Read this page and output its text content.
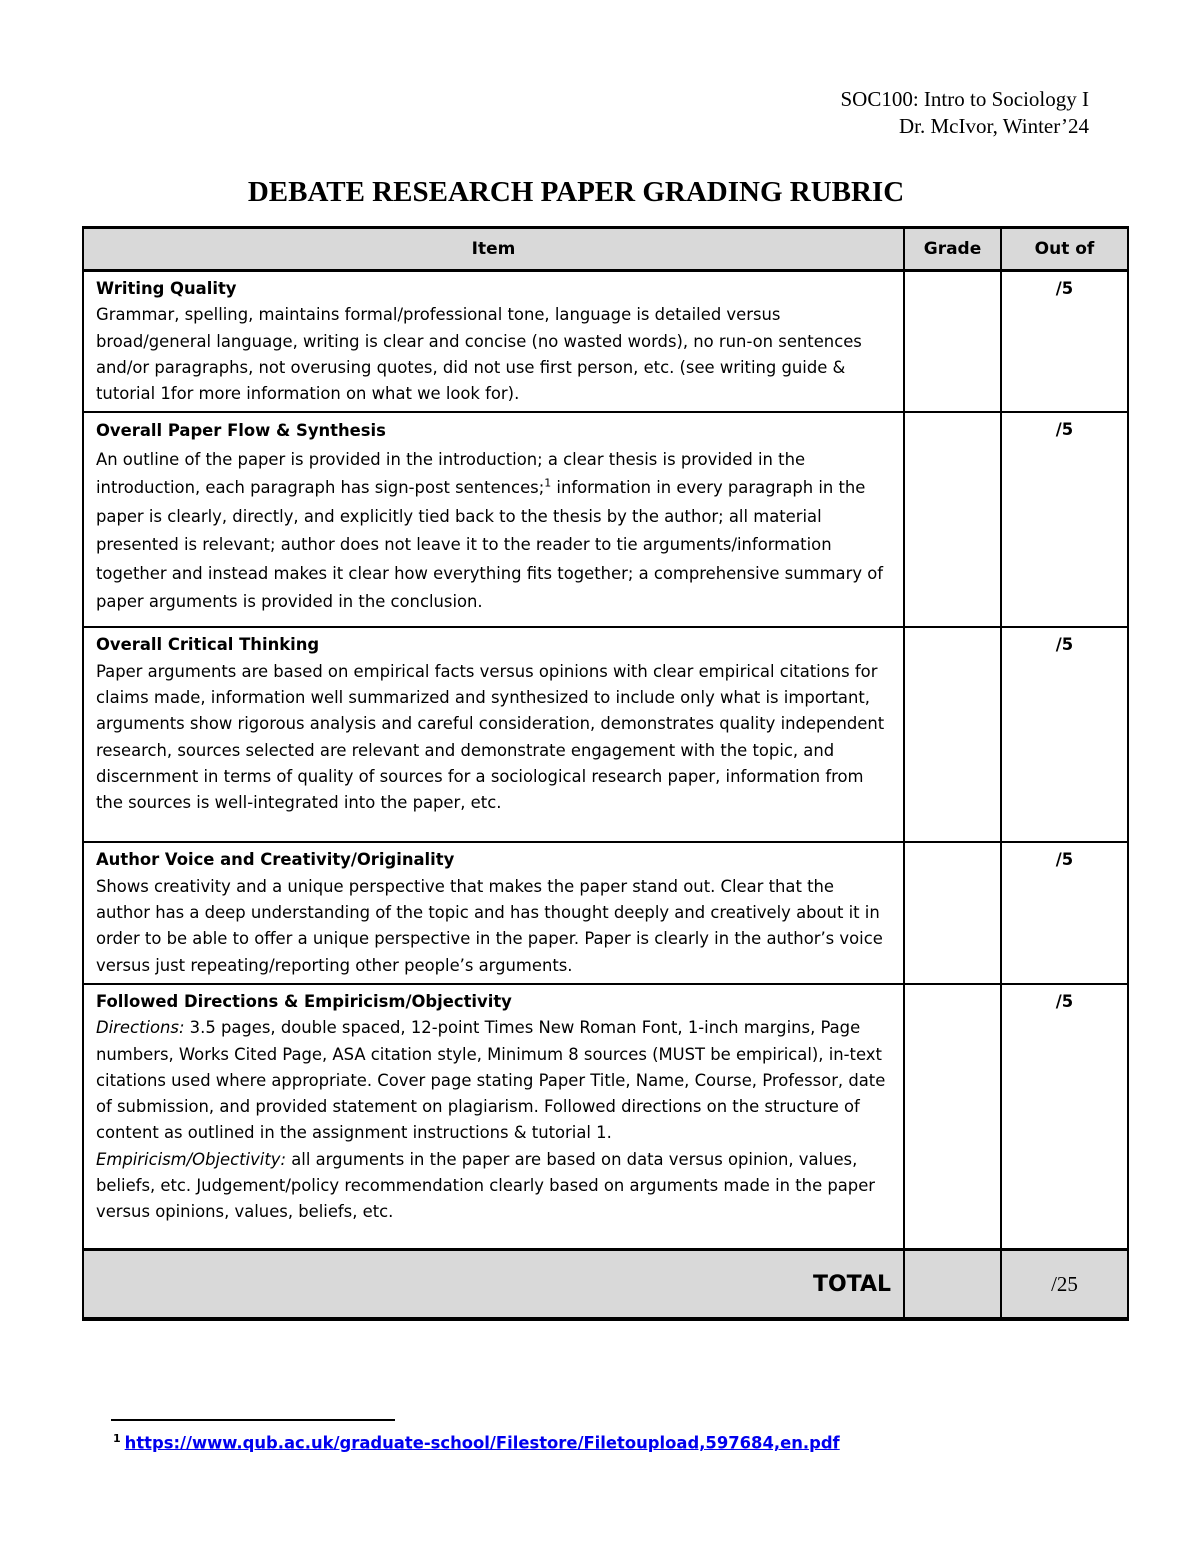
SOC100: Intro to Sociology I
Dr. McIvor, Winter’24
DEBATE RESEARCH PAPER GRADING RUBRIC
Item	Grade	Out of

Writing Quality
Grammar, spelling, maintains formal/professional tone, language is detailed versus broad/general language, writing is clear and concise (no wasted words), no run-on sentences and/or paragraphs, not overusing quotes, did not use first person, etc. (see writing guide & tutorial 1for more information on what we look for).		/5

Overall Paper Flow & Synthesis
An outline of the paper is provided in the introduction; a clear thesis is provided in the introduction, each paragraph has sign-post sentences;$^1$ information in every paragraph in the paper is clearly, directly, and explicitly tied back to the thesis by the author; all material presented is relevant; author does not leave it to the reader to tie arguments/information together and instead makes it clear how everything fits together; a comprehensive summary of paper arguments is provided in the conclusion.		/5

Overall Critical Thinking
Paper arguments are based on empirical facts versus opinions with clear empirical citations for claims made, information well summarized and synthesized to include only what is important, arguments show rigorous analysis and careful consideration, demonstrates quality independent research, sources selected are relevant and demonstrate engagement with the topic, and discernment in terms of quality of sources for a sociological research paper, information from the sources is well-integrated into the paper, etc.		/5

Author Voice and Creativity/Originality
Shows creativity and a unique perspective that makes the paper stand out. Clear that the author has a deep understanding of the topic and has thought deeply and creatively about it in order to be able to offer a unique perspective in the paper. Paper is clearly in the author’s voice versus just repeating/reporting other people’s arguments.		/5

Followed Directions & Empiricism/Objectivity
Directions: 3.5 pages, double spaced, 12-point Times New Roman Font, 1-inch margins, Page numbers, Works Cited Page, ASA citation style, Minimum 8 sources (MUST be empirical), in-text citations used where appropriate. Cover page stating Paper Title, Name, Course, Professor, date of submission, and provided statement on plagiarism. Followed directions on the structure of content as outlined in the assignment instructions & tutorial 1.
Empiricism/Objectivity: all arguments in the paper are based on data versus opinion, values, beliefs, etc. Judgement/policy recommendation clearly based on arguments made in the paper versus opinions, values, beliefs, etc.		/5
TOTAL		/25
$^1$ https://www.qub.ac.uk/graduate-school/Filestore/Filetoupload,597684,en.pdf
